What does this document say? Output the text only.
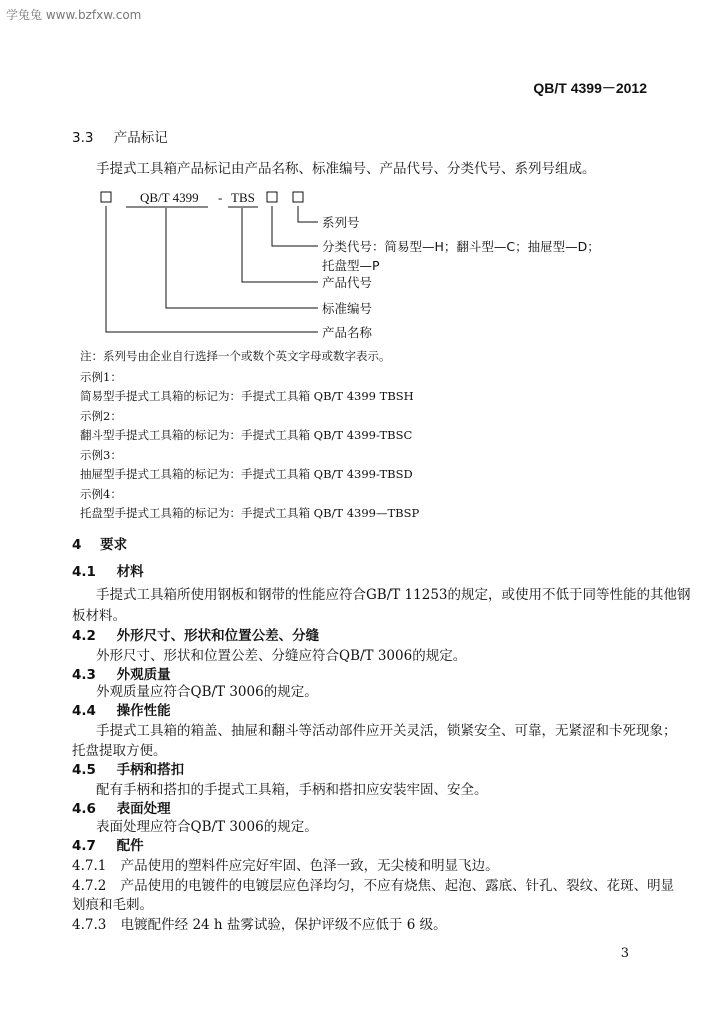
学兔兔 www.bzfxw.com
QB/T 4399－2012
3.3 产品标记
手提式工具箱产品标记由产品名称、标准编号、产品代号、分类代号、系列号组成。
QB/T 4399 - TBS
系列号
分类代号：简易型—H；翻斗型—C；抽屉型—D；
托盘型—P
产品代号
标准编号
产品名称
注：系列号由企业自行选择一个或数个英文字母或数字表示。
示例1：
简易型手提式工具箱的标记为：手提式工具箱 QB/T 4399 TBSH
示例2：
翻斗型手提式工具箱的标记为：手提式工具箱 QB/T 4399-TBSC
示例3：
抽屉型手提式工具箱的标记为：手提式工具箱 QB/T 4399-TBSD
示例4：
托盘型手提式工具箱的标记为：手提式工具箱 QB/T 4399—TBSP
4 要求
4.1 材料
手提式工具箱所使用钢板和钢带的性能应符合GB/T 11253的规定，或使用不低于同等性能的其他钢
板材料。
4.2 外形尺寸、形状和位置公差、分缝
外形尺寸、形状和位置公差、分缝应符合QB/T 3006的规定。
4.3 外观质量
外观质量应符合QB/T 3006的规定。
4.4 操作性能
手提式工具箱的箱盖、抽屉和翻斗等活动部件应开关灵活，锁紧安全、可靠，无紧涩和卡死现象；
托盘提取方便。
4.5 手柄和搭扣
配有手柄和搭扣的手提式工具箱，手柄和搭扣应安装牢固、安全。
4.6 表面处理
表面处理应符合QB/T 3006的规定。
4.7 配件
4.7.1 产品使用的塑料件应完好牢固、色泽一致，无尖棱和明显飞边。
4.7.2 产品使用的电镀件的电镀层应色泽均匀，不应有烧焦、起泡、露底、针孔、裂纹、花斑、明显
划痕和毛刺。
4.7.3 电镀配件经 24 h 盐雾试验，保护评级不应低于 6 级。
3
